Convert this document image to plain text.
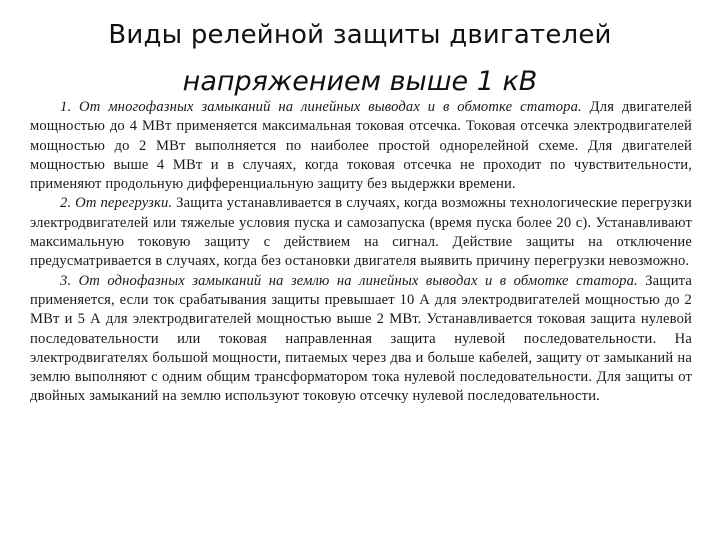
Виды релейной защиты двигателей
напряжением выше 1 кВ

1. От многофазных замыканий на линейных выводах и в обмотке статора. Для двигателей мощностью до 4 МВт применяется максимальная токовая отсечка. Токовая отсечка электродвигателей мощностью до 2 МВт выполняется по наиболее простой однорелейной схеме. Для двигателей мощностью выше 4 МВт и в случаях, когда токовая отсечка не проходит по чувствительности, применяют продольную дифференциальную защиту без выдержки времени.

2. От перегрузки. Защита устанавливается в случаях, когда возможны технологические перегрузки электродвигателей или тяжелые условия пуска и самозапуска (время пуска более 20 с). Устанавливают максимальную токовую защиту с действием на сигнал. Действие защиты на отключение предусматривается в случаях, когда без остановки двигателя выявить причину перегрузки невозможно.

3. От однофазных замыканий на землю на линейных выводах и в обмотке статора. Защита применяется, если ток срабатывания защиты превышает 10 А для электродвигателей мощностью до 2 МВт и 5 А для электродвигателей мощностью выше 2 МВт. Устанавливается токовая защита нулевой последовательности или токовая направленная защита нулевой последовательности. На электродвигателях большой мощности, питаемых через два и больше кабелей, защиту от замыканий на землю выполняют с одним общим трансформатором тока нулевой последовательности. Для защиты от двойных замыканий на землю используют токовую отсечку нулевой последовательности.
